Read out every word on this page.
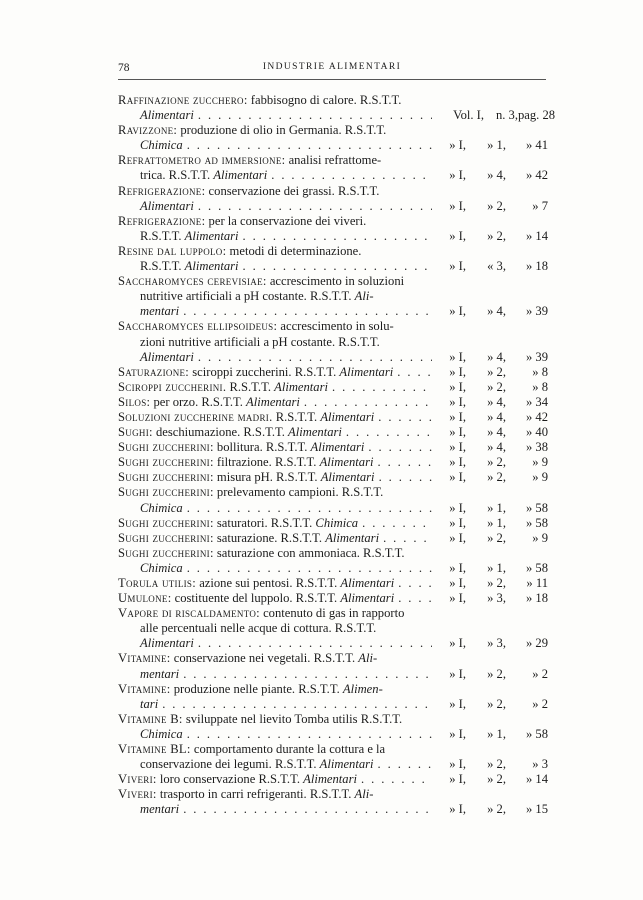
78	INDUSTRIE ALIMENTARI
Raffinazione zucchero: fabbisogno di calore. R.S.T.T.
Alimentari . . .	Vol. I, n. 3, pag. 28
Ravizzone: produzione di olio in Germania. R.S.T.T.
Chimica . . .	» I,	» 1,	» 41
Refrattometro ad immersione: analisi refrattome-
trica. R.S.T.T. Alimentari . . .	» I,	» 4,	» 42
Refrigerazione: conservazione dei grassi. R.S.T.T.
Alimentari . . .	» I,	» 2,	» 7
Refrigerazione: per la conservazione dei viveri.
R.S.T.T. Alimentari . . .	» I,	» 2,	» 14
Resine dal luppolo: metodi di determinazione.
R.S.T.T. Alimentari . . .	» I,	« 3,	» 18
Saccharomyces cerevisiae: accrescimento in soluzioni
nutritive artificiali a pH costante. R.S.T.T. Ali-
mentari . . .	» I,	» 4,	» 39
Saccharomyces ellipsoideus: accrescimento in solu-
zioni nutritive artificiali a pH costante. R.S.T.T.
Alimentari . . .	» I,	» 4,	» 39
Saturazione: sciroppi zuccherini. R.S.T.T. Alimentari . . .	» I,	» 2,	» 8
Sciroppi zuccherini. R.S.T.T. Alimentari . . .	» I,	» 2,	» 8
Silos: per orzo. R.S.T.T. Alimentari . . .	» I,	» 4,	» 34
Soluzioni zuccherine madri. R.S.T.T. Alimentari . . .	» I,	» 4,	» 42
Sughi: deschiumazione. R.S.T.T. Alimentari . . .	» I,	» 4,	» 40
Sughi zuccherini: bollitura. R.S.T.T. Alimentari . . .	» I,	» 4,	» 38
Sughi zuccherini: filtrazione. R.S.T.T. Alimentari . . .	» I,	» 2,	» 9
Sughi zuccherini: misura pH. R.S.T.T. Alimentari . . .	» I,	» 2,	» 9
Sughi zuccherini: prelevamento campioni. R.S.T.T.
Chimica . . .	» I,	» 1,	» 58
Sughi zuccherini: saturatori. R.S.T.T. Chimica . . .	» I,	» 1,	» 58
Sughi zuccherini: saturazione. R.S.T.T. Alimentari . . .	» I,	» 2,	» 9
Sughi zuccherini: saturazione con ammoniaca. R.S.T.T.
Chimica . . .	» I,	» 1,	» 58
Torula utilis: azione sui pentosi. R.S.T.T. Alimentari . . .	» I,	» 2,	» 11
Umulone: costituente del luppolo. R.S.T.T. Alimentari . . .	» I,	» 3,	» 18
Vapore di riscaldamento: contenuto di gas in rapporto
alle percentuali nelle acque di cottura. R.S.T.T.
Alimentari . . .	» I,	» 3,	» 29
Vitamine: conservazione nei vegetali. R.S.T.T. Ali-
mentari . . .	» I,	» 2,	» 2
Vitamine: produzione nelle piante. R.S.T.T. Alimen-
tari . . .	» I,	» 2,	» 2
Vitamine B: sviluppate nel lievito Tomba utilis R.S.T.T.
Chimica . . .	» I,	» 1,	» 58
Vitamine BL: comportamento durante la cottura e la
conservazione dei legumi. R.S.T.T. Alimentari . . .	» I,	» 2,	» 3
Viveri: loro conservazione R.S.T.T. Alimentari . . .	» I,	» 2,	» 14
Viveri: trasporto in carri refrigeranti. R.S.T.T. Ali-
mentari . . .	» I,	» 2,	» 15
